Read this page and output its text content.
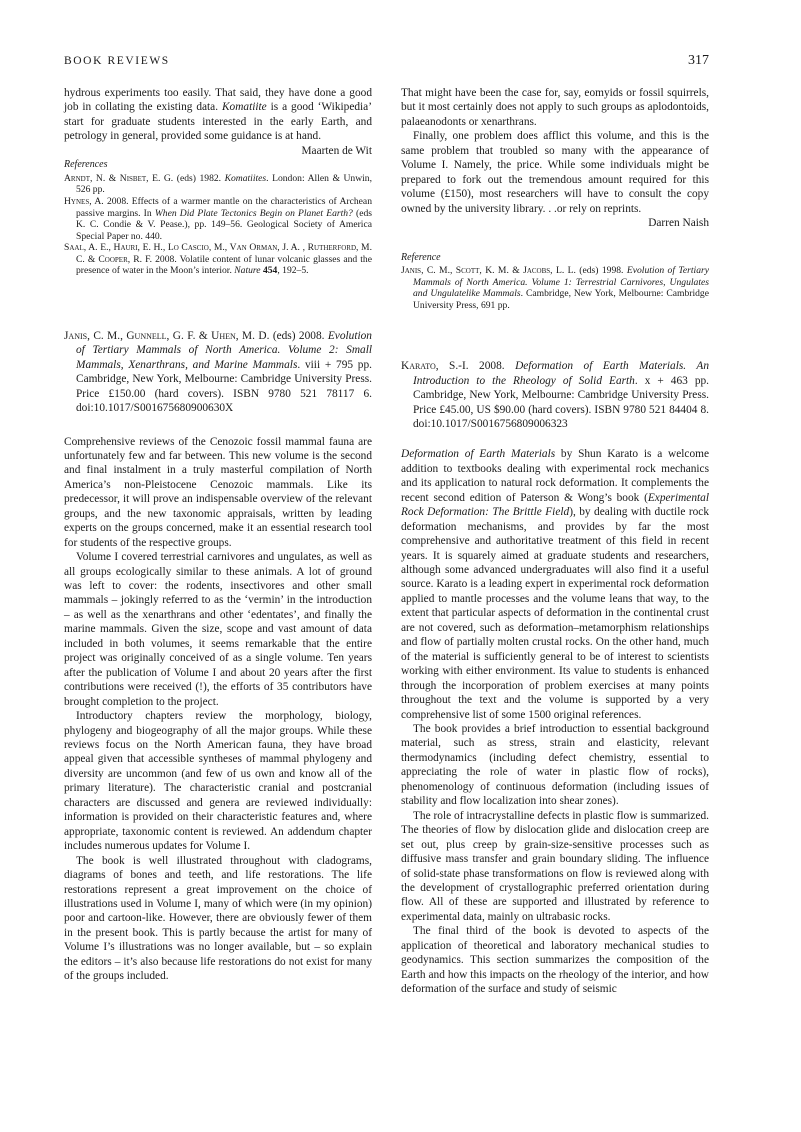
BOOK REVIEWS	317

hydrous experiments too easily. That said, they have done a good job in collating the existing data. Komatiite is a good ‘Wikipedia’ start for graduate students interested in the early Earth, and petrology in general, provided some guidance is at hand.

Maarten de Wit

References

Arndt, N. & Nisbet, E. G. (eds) 1982. Komatiites. London: Allen & Unwin, 526 pp.

Hynes, A. 2008. Effects of a warmer mantle on the characteristics of Archean passive margins. In When Did Plate Tectonics Begin on Planet Earth? (eds K. C. Condie & V. Pease.), pp. 149–56. Geological Society of America Special Paper no. 440.

Saal, A. E., Hauri, E. H., Lo Cascio, M., Van Orman, J. A. , Rutherford, M. C. & Cooper, R. F. 2008. Volatile content of lunar volcanic glasses and the presence of water in the Moon’s interior. Nature 454, 192–5.

Janis, C. M., Gunnell, G. F. & Uhen, M. D. (eds) 2008. Evolution of Tertiary Mammals of North America. Volume 2: Small Mammals, Xenarthrans, and Marine Mammals. viii + 795 pp. Cambridge, New York, Melbourne: Cambridge University Press. Price £150.00 (hard covers). ISBN 9780 521 78117 6. doi:10.1017/S001675680900630X

Comprehensive reviews of the Cenozoic fossil mammal fauna are unfortunately few and far between. This new volume is the second and final instalment in a truly masterful compilation of North America’s non-Pleistocene Cenozoic mammals. Like its predecessor, it will prove an indispensable overview of the relevant groups, and the new taxonomic appraisals, written by leading experts on the groups concerned, make it an essential research tool for students of the respective groups.

Volume I covered terrestrial carnivores and ungulates, as well as all groups ecologically similar to these animals. A lot of ground was left to cover: the rodents, insectivores and other small mammals – jokingly referred to as the ‘vermin’ in the introduction – as well as the xenarthrans and other ‘edentates’, and finally the marine mammals. Given the size, scope and vast amount of data included in both volumes, it seems remarkable that the entire project was originally conceived of as a single volume. Ten years after the publication of Volume I and about 20 years after the first contributions were received (!), the efforts of 35 contributors have brought completion to the project.

Introductory chapters review the morphology, biology, phylogeny and biogeography of all the major groups. While these reviews focus on the North American fauna, they have broad appeal given that accessible syntheses of mammal phylogeny and diversity are uncommon (and few of us own and know all of the primary literature). The characteristic cranial and postcranial characters are discussed and genera are reviewed individually: information is provided on their characteristic features and, where appropriate, taxonomic content is reviewed. An addendum chapter includes numerous updates for Volume I.

The book is well illustrated throughout with cladograms, diagrams of bones and teeth, and life restorations. The life restorations represent a great improvement on the choice of illustrations used in Volume I, many of which were (in my opinion) poor and cartoon-like. However, there are obviously fewer of them in the present book. This is partly because the artist for many of Volume I’s illustrations was no longer available, but – so explain the editors – it’s also because life restorations do not exist for many of the groups included.

That might have been the case for, say, eomyids or fossil squirrels, but it most certainly does not apply to such groups as aplodontoids, palaeanodonts or xenarthrans.

Finally, one problem does afflict this volume, and this is the same problem that troubled so many with the appearance of Volume I. Namely, the price. While some individuals might be prepared to fork out the tremendous amount required for this volume (£150), most researchers will have to consult the copy owned by the university library. . .or rely on reprints.

Darren Naish

Reference

Janis, C. M., Scott, K. M. & Jacobs, L. L. (eds) 1998. Evolution of Tertiary Mammals of North America. Volume 1: Terrestrial Carnivores, Ungulates and Ungulatelike Mammals. Cambridge, New York, Melbourne: Cambridge University Press, 691 pp.

Karato, S.-I. 2008. Deformation of Earth Materials. An Introduction to the Rheology of Solid Earth. x + 463 pp. Cambridge, New York, Melbourne: Cambridge University Press. Price £45.00, US $90.00 (hard covers). ISBN 9780 521 84404 8. doi:10.1017/S0016756809006323

Deformation of Earth Materials by Shun Karato is a welcome addition to textbooks dealing with experimental rock mechanics and its application to natural rock deformation. It complements the recent second edition of Paterson & Wong’s book (Experimental Rock Deformation: The Brittle Field), by dealing with ductile rock deformation mechanisms, and provides by far the most comprehensive and authoritative treatment of this field in recent years. It is squarely aimed at graduate students and researchers, although some advanced undergraduates will also find it a useful source. Karato is a leading expert in experimental rock deformation applied to mantle processes and the volume leans that way, to the extent that particular aspects of deformation in the continental crust are not covered, such as deformation–metamorphism relationships and flow of partially molten crustal rocks. On the other hand, much of the material is sufficiently general to be of interest to scientists working with either environment. Its value to students is enhanced through the incorporation of problem exercises at many points throughout the text and the volume is supported by a very comprehensive list of some 1500 original references.

The book provides a brief introduction to essential background material, such as stress, strain and elasticity, relevant thermodynamics (including defect chemistry, essential to appreciating the role of water in plastic flow of rocks), phenomenology of continuous deformation (including issues of stability and flow localization into shear zones).

The role of intracrystalline defects in plastic flow is summarized. The theories of flow by dislocation glide and dislocation creep are set out, plus creep by grain-size-sensitive processes such as diffusive mass transfer and grain boundary sliding. The influence of solid-state phase transformations on flow is reviewed along with the development of crystallographic preferred orientation during flow. All of these are supported and illustrated by reference to experimental data, mainly on ultrabasic rocks.

The final third of the book is devoted to aspects of the application of theoretical and laboratory mechanical studies to geodynamics. This section summarizes the composition of the Earth and how this impacts on the rheology of the interior, and how deformation of the surface and study of seismic
